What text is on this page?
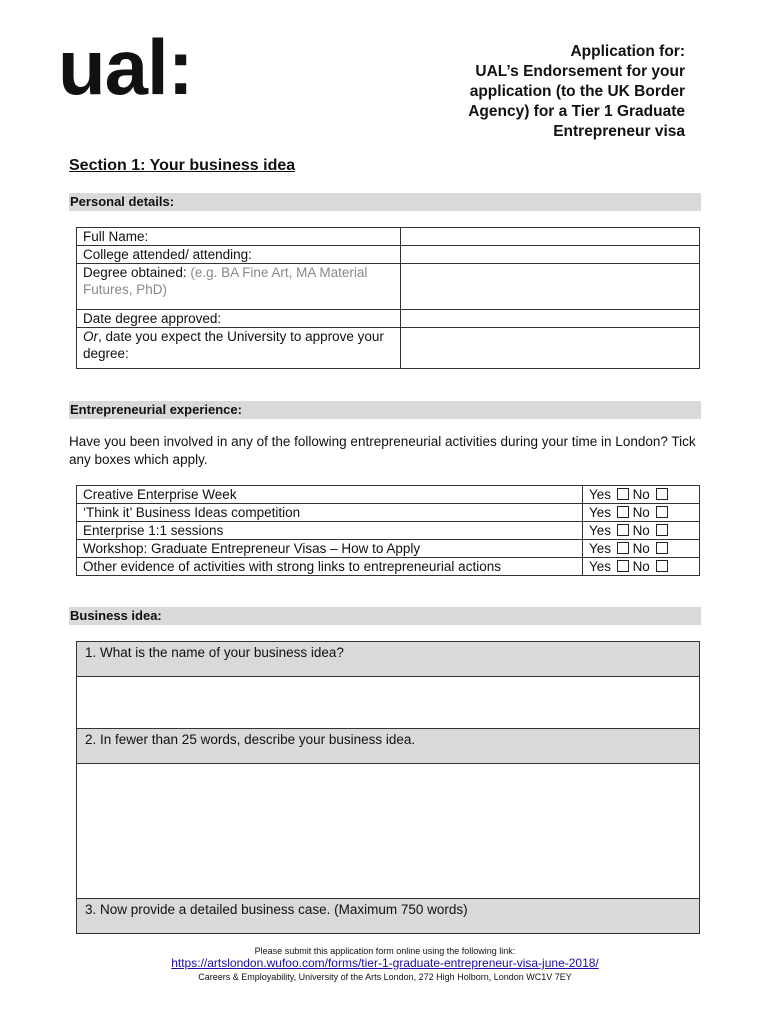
ual:	Application for:
UAL’s Endorsement for your
application (to the UK Border
Agency) for a Tier 1 Graduate
Entrepreneur visa
Section 1: Your business idea
Personal details:
Full Name:	
College attended/ attending:	
Degree obtained: (e.g. BA Fine Art, MA Material Futures, PhD)	
Date degree approved:	
Or, date you expect the University to approve your degree:	
Entrepreneurial experience:
Have you been involved in any of the following entrepreneurial activities during your time in London? Tick any boxes which apply.
Creative Enterprise Week	Yes No
‘Think it’ Business Ideas competition	Yes No
Enterprise 1:1 sessions	Yes No
Workshop: Graduate Entrepreneur Visas – How to Apply	Yes No
Other evidence of activities with strong links to entrepreneurial actions	Yes No
Business idea:
1. What is the name of your business idea?

2. In fewer than 25 words, describe your business idea.

3. Now provide a detailed business case. (Maximum 750 words)
Please submit this application form online using the following link:
https://artslondon.wufoo.com/forms/tier-1-graduate-entrepreneur-visa-june-2018/
Careers & Employability, University of the Arts London, 272 High Holborn, London WC1V 7EY
